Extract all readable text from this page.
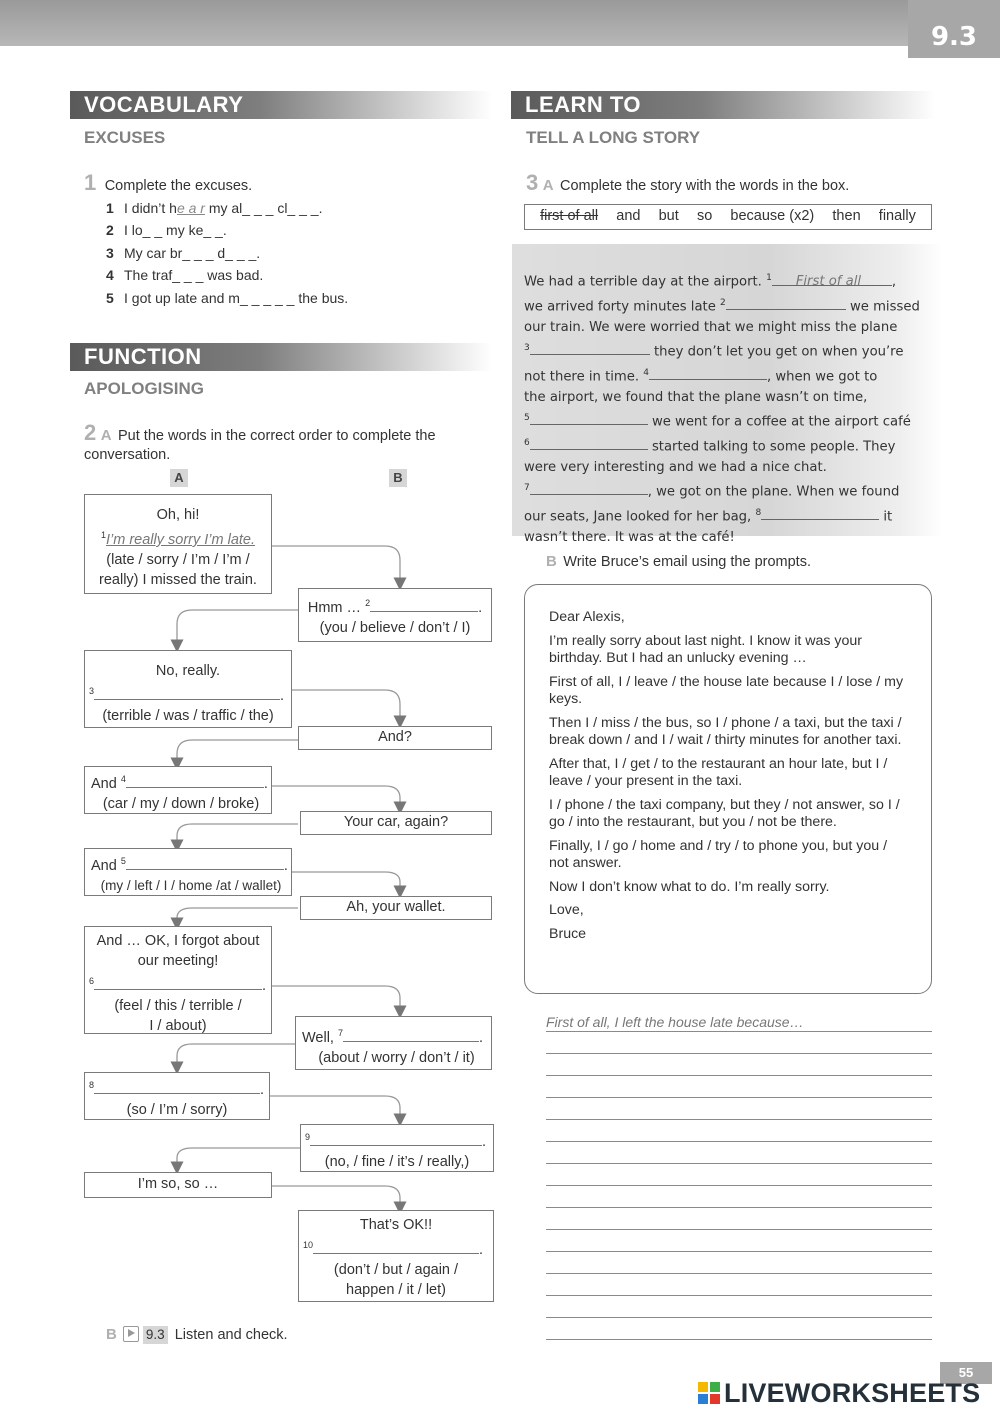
9.3
VOCABULARY
EXCUSES
1 Complete the excuses.
1 I didn’t he a r my al_ _ _ cl_ _ _.
2 I lo_ _ my ke_ _.
3 My car br_ _ _ d_ _ _.
4 The traf_ _ _ was bad.
5 I got up late and m_ _ _ _ _ the bus.
FUNCTION
APOLOGISING
2 A Put the words in the correct order to complete the conversation.
A	B
Oh, hi!
$^1$I’m really sorry I’m late.
(late / sorry / I’m / I’m /
really) I missed the train.
Hmm … $^2$	.
(you / believe / don’t / I)
No, really.
$^3$	.
(terrible / was / traffic / the)
And?
And $^4$	.
(car / my / down / broke)
Your car, again?
And $^5$	.
(my / left / I / home /at / wallet)
Ah, your wallet.
And … OK, I forgot about
our meeting!
$^6$	.
(feel / this / terrible /
I / about)
Well, $^7$	.
(about / worry / don’t / it)
$^8$	.
(so / I’m / sorry)
$^9$	.
(no, / fine / it’s / really,)
I’m so, so …
That’s OK!!
$^{10}$	.
(don’t / but / again /
happen / it / let)
B 9.3 Listen and check.
LEARN TO
TELL A LONG STORY
3 A Complete the story with the words in the box.
first of all and but so because (x2) then finally
We had a terrible day at the airport. $^1$ First of all ,
we arrived forty minutes late $^2$	we missed
our train. We were worried that we might miss the plane
$^3$	they don’t let you get on when you’re
not there in time. $^4$	, when we got to
the airport, we found that the plane wasn’t on time,
$^5$	we went for a coffee at the airport café
$^6$	started talking to some people. They
were very interesting and we had a nice chat.
$^7$	, we got on the plane. When we found
our seats, Jane looked for her bag, $^8$	it
wasn’t there. It was at the café!
B Write Bruce’s email using the prompts.

Dear Alexis,

I’m really sorry about last night. I know it was your birthday. But I had an unlucky evening …

First of all, I / leave / the house late because I / lose / my keys.

Then I / miss / the bus, so I / phone / a taxi, but the taxi / break down / and I / wait / thirty minutes for another taxi.

After that, I / get / to the restaurant an hour late, but I / leave / your present in the taxi.

I / phone / the taxi company, but they / not answer, so I / go / into the restaurant, but you / not be there.

Finally, I / go / home and / try / to phone you, but you / not answer.

Now I don’t know what to do. I’m really sorry.

Love,

Bruce

First of all, I left the house late because…
55
LIVEWORKSHEETS
